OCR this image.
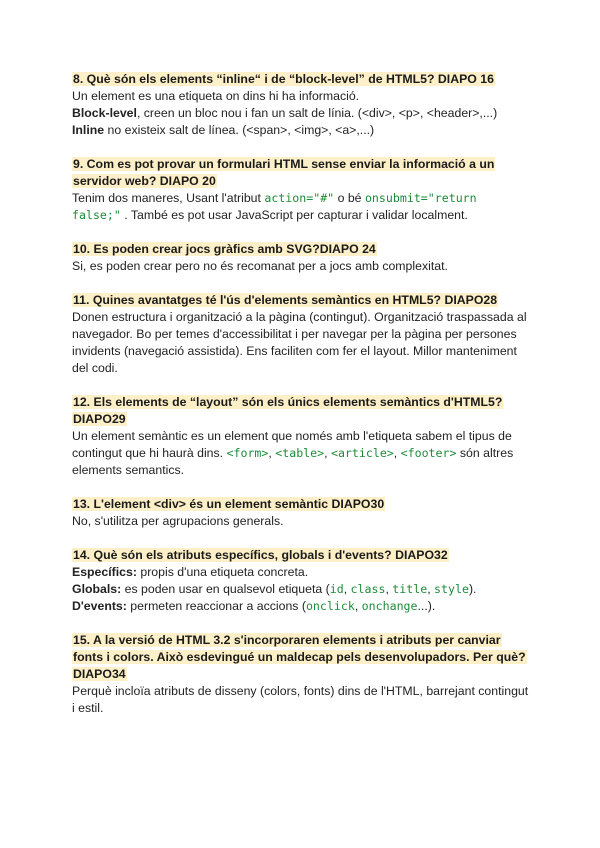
8. Què són els elements “inline“ i de “block-level” de HTML5? DIAPO 16

Un element es una etiqueta on dins hi ha informació.

Block-level, creen un bloc nou i fan un salt de línia. (<div>, <p>, <header>,...)

Inline no existeix salt de línea. (<span>, <img>, <a>,...)

9. Com es pot provar un formulari HTML sense enviar la informació a un servidor web? DIAPO 20

Tenim dos maneres, Usant l'atribut action="#" o bé onsubmit="return false;" . També es pot usar JavaScript per capturar i validar localment.

10. Es poden crear jocs gràfics amb SVG?DIAPO 24

Si, es poden crear pero no és recomanat per a jocs amb complexitat.

11. Quines avantatges té l'ús d'elements semàntics en HTML5? DIAPO28

Donen estructura i organització a la pàgina (contingut). Organització traspassada al navegador. Bo per temes d'accessibilitat i per navegar per la pàgina per persones invidents (navegació assistida). Ens faciliten com fer el layout. Millor manteniment del codi.

12. Els elements de “layout” són els únics elements semàntics d'HTML5? DIAPO29

Un element semàntic es un element que només amb l'etiqueta sabem el tipus de contingut que hi haurà dins. <form>, <table>, <article>, <footer> són altres elements semantics.

13. L'element <div> és un element semàntic DIAPO30

No, s'utilitza per agrupacions generals.

14. Què són els atributs específics, globals i d'events? DIAPO32

Específics: propis d'una etiqueta concreta.

Globals: es poden usar en qualsevol etiqueta (id, class, title, style).

D'events: permeten reaccionar a accions (onclick, onchange...).

15. A la versió de HTML 3.2 s'incorporaren elements i atributs per canviar fonts i colors. Això esdevingué un maldecap pels desenvolupadors. Per què? DIAPO34

Perquè incloïa atributs de disseny (colors, fonts) dins de l'HTML, barrejant contingut i estil.
